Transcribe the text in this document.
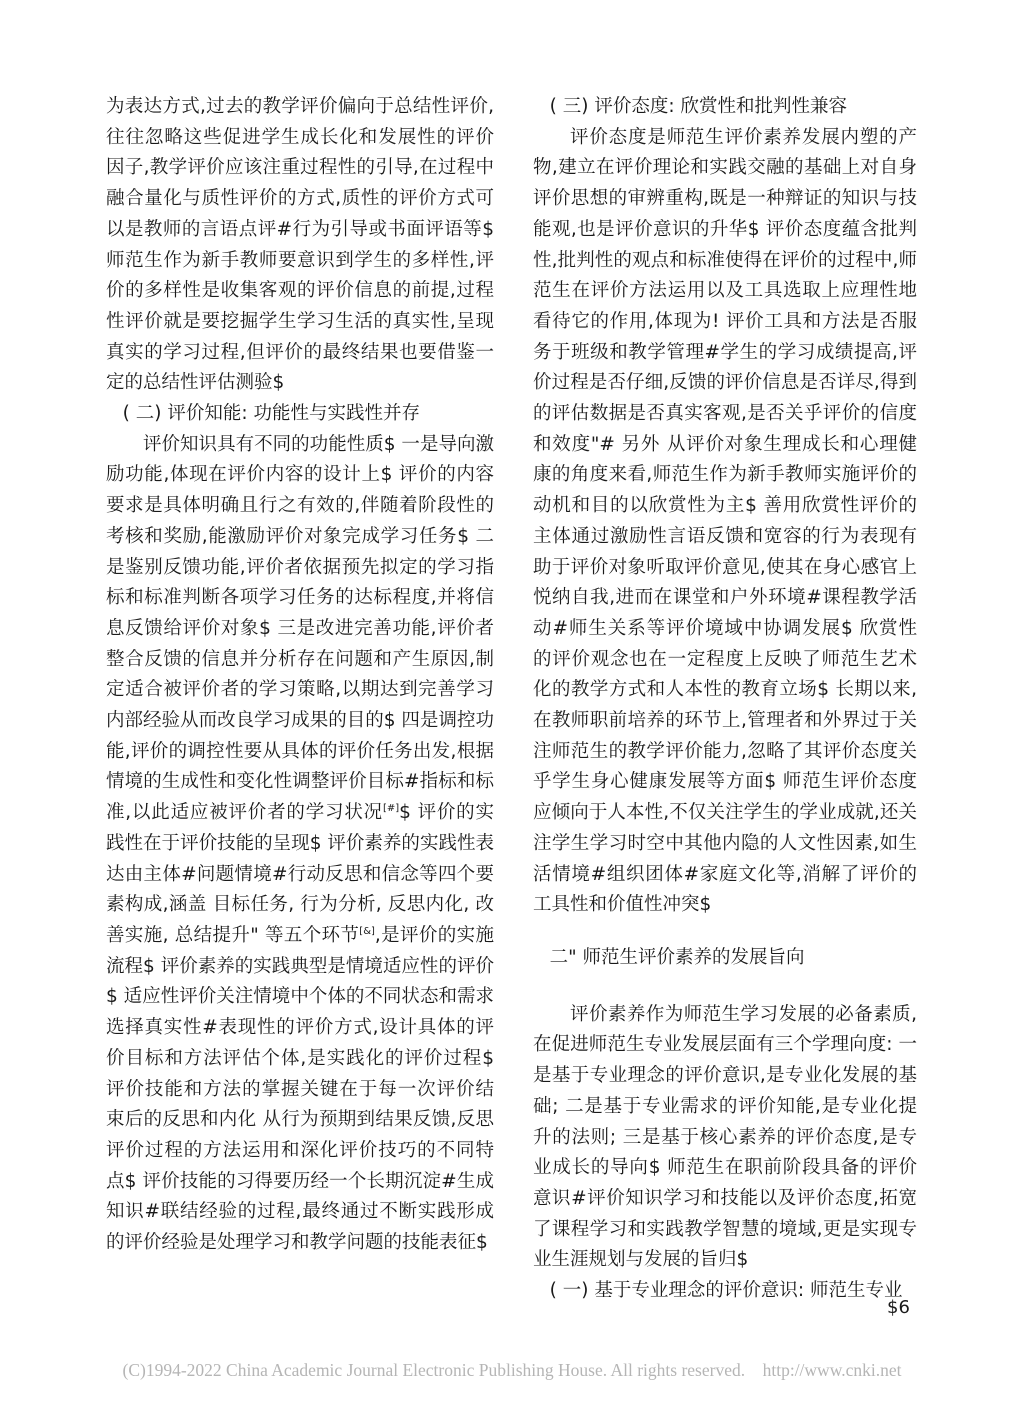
为表达方式,过去的教学评价偏向于总结性评价,往往忽略这些促进学生成长化和发展性的评价因子,教学评价应该注重过程性的引导,在过程中融合量化与质性评价的方式,质性的评价方式可以是教师的言语点评#行为引导或书面评语等$ 师范生作为新手教师要意识到学生的多样性,评价的多样性是收集客观的评价信息的前提,过程性评价就是要挖掘学生学习生活的真实性,呈现真实的学习过程,但评价的最终结果也要借鉴一定的总结性评估测验$

( 二) 评价知能: 功能性与实践性并存

评价知识具有不同的功能性质$ 一是导向激励功能,体现在评价内容的设计上$ 评价的内容要求是具体明确且行之有效的,伴随着阶段性的考核和奖励,能激励评价对象完成学习任务$ 二是鉴别反馈功能,评价者依据预先拟定的学习指标和标准判断各项学习任务的达标程度,并将信息反馈给评价对象$ 三是改进完善功能,评价者整合反馈的信息并分析存在问题和产生原因,制定适合被评价者的学习策略,以期达到完善学习内部经验从而改良学习成果的目的$ 四是调控功能,评价的调控性要从具体的评价任务出发,根据情境的生成性和变化性调整评价目标#指标和标准,以此适应被评价者的学习状况[#]$ 评价的实践性在于评价技能的呈现$ 评价素养的实践性表达由主体#问题情境#行动反思和信念等四个要素构成,涵盖 目标任务, 行为分析, 反思内化, 改善实施, 总结提升" 等五个环节[&],是评价的实施流程$ 评价素养的实践典型是情境适应性的评价$ 适应性评价关注情境中个体的不同状态和需求选择真实性#表现性的评价方式,设计具体的评价目标和方法评估个体,是实践化的评价过程$ 评价技能和方法的掌握关键在于每一次评价结束后的反思和内化 从行为预期到结果反馈,反思评价过程的方法运用和深化评价技巧的不同特点$ 评价技能的习得要历经一个长期沉淀#生成知识#联结经验的过程,最终通过不断实践形成的评价经验是处理学习和教学问题的技能表征$

( 三) 评价态度: 欣赏性和批判性兼容

评价态度是师范生评价素养发展内塑的产物,建立在评价理论和实践交融的基础上对自身评价思想的审辨重构,既是一种辩证的知识与技能观,也是评价意识的升华$ 评价态度蕴含批判性,批判性的观点和标准使得在评价的过程中,师范生在评价方法运用以及工具选取上应理性地看待它的作用,体现为! 评价工具和方法是否服务于班级和教学管理#学生的学习成绩提高,评价过程是否仔细,反馈的评价信息是否详尽,得到的评估数据是否真实客观,是否关乎评价的信度和效度"# 另外 从评价对象生理成长和心理健康的角度来看,师范生作为新手教师实施评价的动机和目的以欣赏性为主$ 善用欣赏性评价的主体通过激励性言语反馈和宽容的行为表现有助于评价对象听取评价意见,使其在身心感官上悦纳自我,进而在课堂和户外环境#课程教学活动#师生关系等评价境域中协调发展$ 欣赏性的评价观念也在一定程度上反映了师范生艺术化的教学方式和人本性的教育立场$ 长期以来,在教师职前培养的环节上,管理者和外界过于关注师范生的教学评价能力,忽略了其评价态度关乎学生身心健康发展等方面$ 师范生评价态度应倾向于人本性,不仅关注学生的学业成就,还关注学生学习时空中其他内隐的人文性因素,如生活情境#组织团体#家庭文化等,消解了评价的工具性和价值性冲突$

二" 师范生评价素养的发展旨向

评价素养作为师范生学习发展的必备素质,在促进师范生专业发展层面有三个学理向度: 一是基于专业理念的评价意识,是专业化发展的基础; 二是基于专业需求的评价知能,是专业化提升的法则; 三是基于核心素养的评价态度,是专业成长的导向$ 师范生在职前阶段具备的评价意识#评价知识学习和技能以及评价态度,拓宽了课程学习和实践教学智慧的境域,更是实现专业生涯规划与发展的旨归$

( 一) 基于专业理念的评价意识: 师范生专业

$6
(C)1994-2022 China Academic Journal Electronic Publishing House. All rights reserved.    http://www.cnki.net
